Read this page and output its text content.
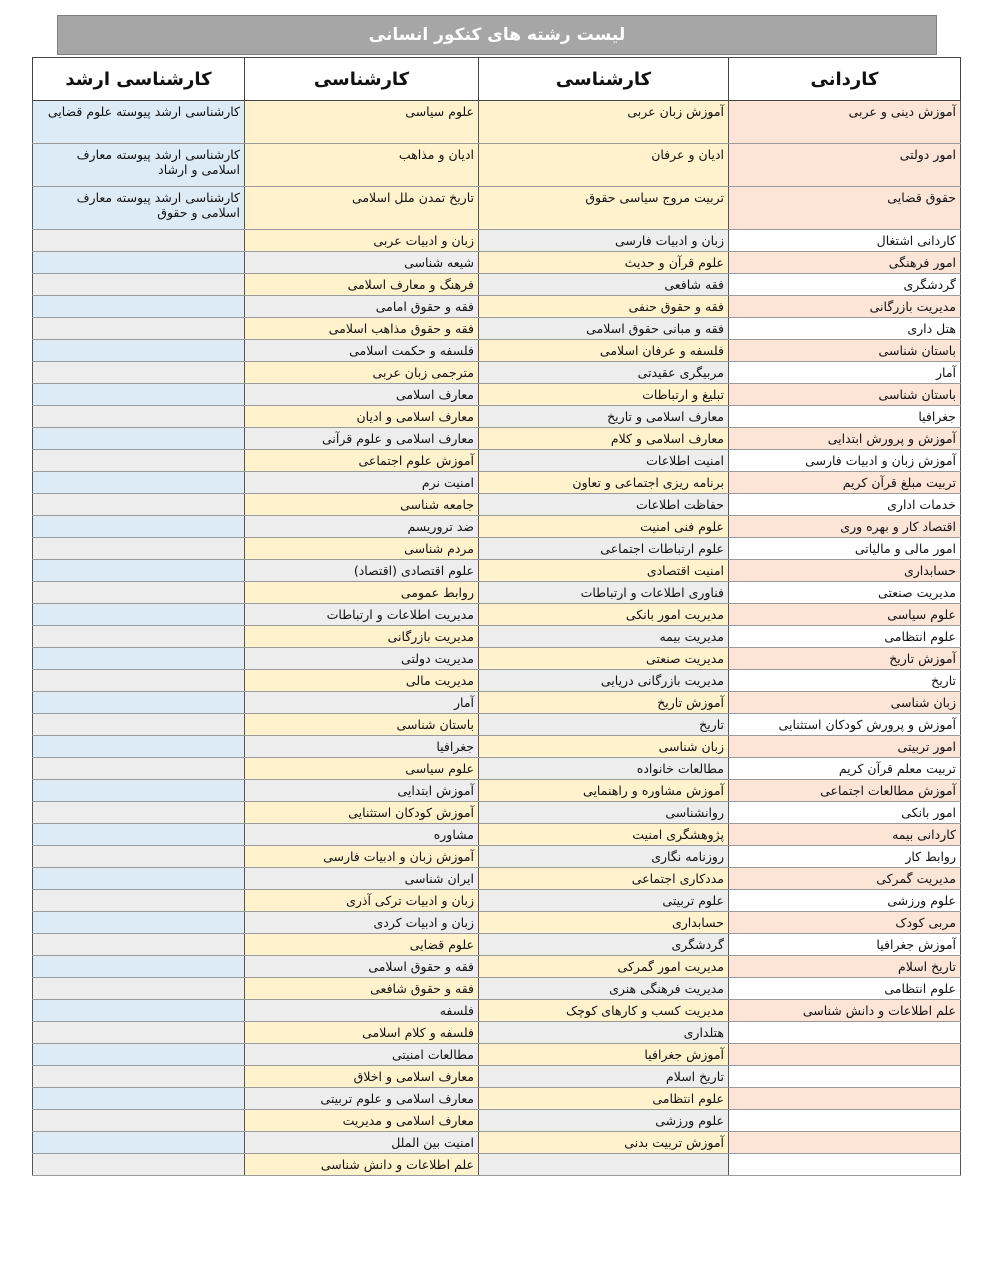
لیست رشته های کنکور انسانی
کاردانی	کارشناسی	کارشناسی	کارشناسی ارشد
آموزش دینی و عربی	آموزش زبان عربی	علوم سیاسی	کارشناسی ارشد پیوسته علوم قضایی
امور دولتی	ادیان و عرفان	ادیان و مذاهب	کارشناسی ارشد پیوسته معارف اسلامی و ارشاد
حقوق قضایی	تربیت مروج سیاسی حقوق	تاریخ تمدن ملل اسلامی	کارشناسی ارشد پیوسته معارف اسلامی و حقوق
کاردانی اشتغال	زبان و ادبیات فارسی	زبان و ادبیات عربی	
امور فرهنگی	علوم قرآن و حدیث	شیعه شناسی	
گردشگری	فقه شافعی	فرهنگ و معارف اسلامی	
مدیریت بازرگانی	فقه و حقوق حنفی	فقه و حقوق امامی	
هتل داری	فقه و مبانی حقوق اسلامی	فقه و حقوق مذاهب اسلامی	
باستان شناسی	فلسفه و عرفان اسلامی	فلسفه و حکمت اسلامی	
آمار	مربیگری عقیدتی	مترجمی زبان عربی	
باستان شناسی	تبلیغ و ارتباطات	معارف اسلامی	
جغرافیا	معارف اسلامی و تاریخ	معارف اسلامی و ادیان	
آموزش و پرورش ابتدایی	معارف اسلامی و کلام	معارف اسلامی و علوم قرآنی	
آموزش زبان و ادبیات فارسی	امنیت اطلاعات	آموزش علوم اجتماعی	
تربیت مبلغ قرآن کریم	برنامه ریزی اجتماعی و تعاون	امنیت نرم	
خدمات اداری	حفاظت اطلاعات	جامعه شناسی	
اقتصاد کار و بهره وری	علوم فنی امنیت	ضد تروریسم	
امور مالی و مالیاتی	علوم ارتباطات اجتماعی	مردم شناسی	
حسابداری	امنیت اقتصادی	علوم اقتصادی (اقتصاد)	
مدیریت صنعتی	فناوری اطلاعات و ارتباطات	روابط عمومی	
علوم سیاسی	مدیریت امور بانکی	مدیریت اطلاعات و ارتباطات	
علوم انتظامی	مدیریت بیمه	مدیریت بازرگانی	
آموزش تاریخ	مدیریت صنعتی	مدیریت دولتی	
تاریخ	مدیریت بازرگانی دریایی	مدیریت مالی	
زبان شناسی	آموزش تاریخ	آمار	
آموزش و پرورش کودکان استثنایی	تاریخ	باستان شناسی	
امور تربیتی	زبان شناسی	جغرافیا	
تربیت معلم قرآن کریم	مطالعات خانواده	علوم سیاسی	
آموزش مطالعات اجتماعی	آموزش مشاوره و راهنمایی	آموزش ابتدایی	
امور بانکی	روانشناسی	آموزش کودکان استثنایی	
کاردانی بیمه	پژوهشگری امنیت	مشاوره	
روابط کار	روزنامه نگاری	آموزش زبان و ادبیات فارسی	
مدیریت گمرکی	مددکاری اجتماعی	ایران شناسی	
علوم ورزشی	علوم تربیتی	زبان و ادبیات ترکی آذری	
مربی کودک	حسابداری	زبان و ادبیات کردی	
آموزش جغرافیا	گردشگری	علوم قضایی	
تاریخ اسلام	مدیریت امور گمرکی	فقه و حقوق اسلامی	
علوم انتظامی	مدیریت فرهنگی هنری	فقه و حقوق شافعی	
علم اطلاعات و دانش شناسی	مدیریت کسب و کارهای کوچک	فلسفه	
	هتلداری	فلسفه و کلام اسلامی	
	آموزش جغرافیا	مطالعات امنیتی	
	تاریخ اسلام	معارف اسلامی و اخلاق	
	علوم انتظامی	معارف اسلامی و علوم تربیتی	
	علوم ورزشی	معارف اسلامی و مدیریت	
	آموزش تربیت بدنی	امنیت بین الملل	
		علم اطلاعات و دانش شناسی	
